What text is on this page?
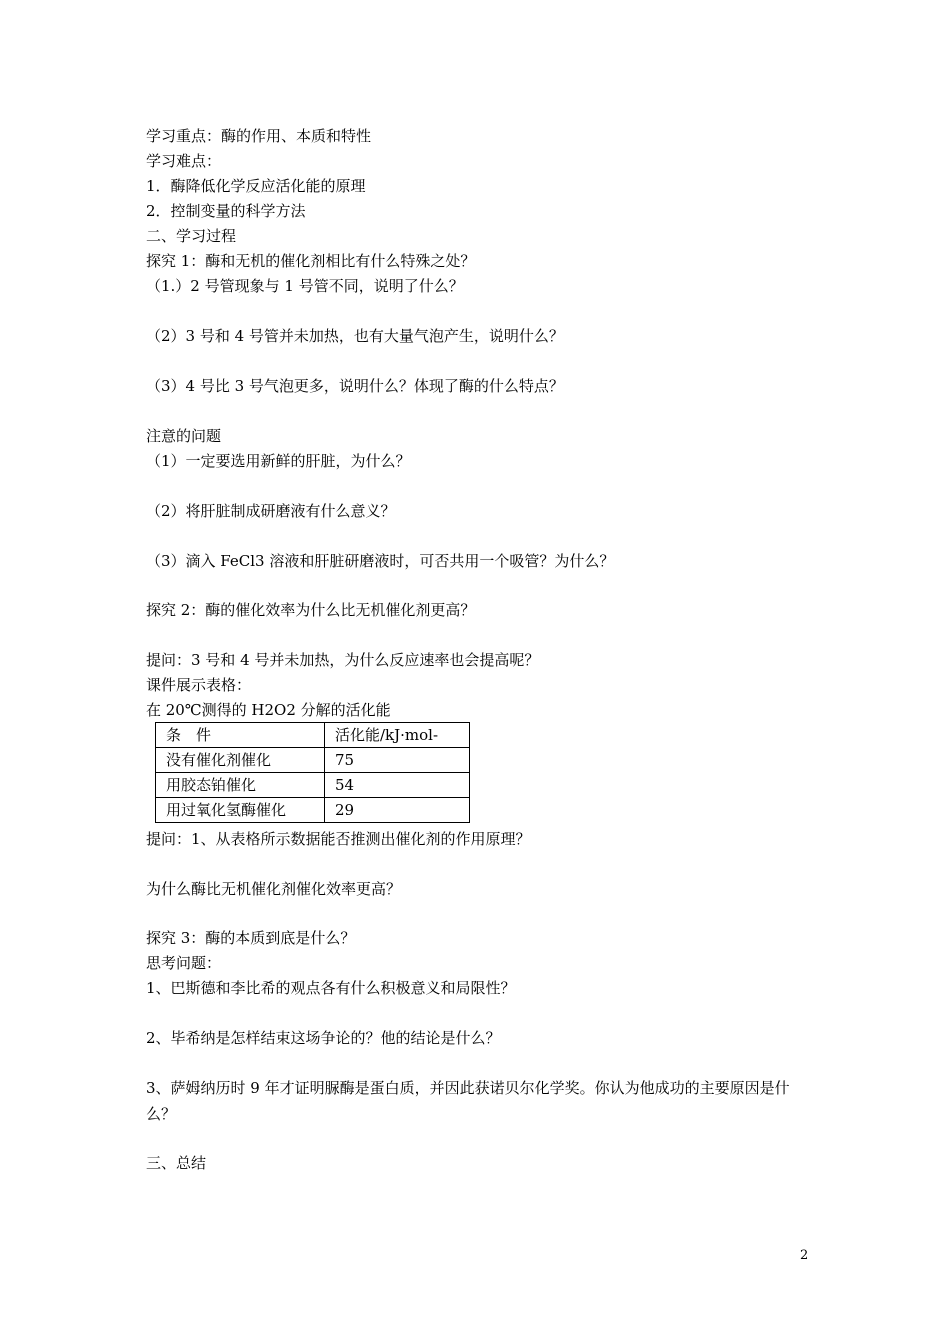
学习重点：酶的作用、本质和特性
学习难点：
1．酶降低化学反应活化能的原理
2．控制变量的科学方法
二、学习过程
探究 1：酶和无机的催化剂相比有什么特殊之处？
（1.）2 号管现象与 1 号管不同，说明了什么？
（2）3 号和 4 号管并未加热，也有大量气泡产生，说明什么？
（3）4 号比 3 号气泡更多，说明什么？体现了酶的什么特点？
注意的问题
（1）一定要选用新鲜的肝脏，为什么？
（2）将肝脏制成研磨液有什么意义？
（3）滴入 FeCl3 溶液和肝脏研磨液时，可否共用一个吸管？为什么？
探究 2：酶的催化效率为什么比无机催化剂更高？
提问：3 号和 4 号并未加热，为什么反应速率也会提高呢？
课件展示表格：
在 20℃测得的 H2O2 分解的活化能
条　件	活化能/kJ·mol-
没有催化剂催化	75
用胶态铂催化	54
用过氧化氢酶催化	29
提问：1、从表格所示数据能否推测出催化剂的作用原理？
为什么酶比无机催化剂催化效率更高？
探究 3：酶的本质到底是什么？
思考问题：
1、巴斯德和李比希的观点各有什么积极意义和局限性？
2、毕希纳是怎样结束这场争论的？他的结论是什么？
3、萨姆纳历时 9 年才证明脲酶是蛋白质，并因此获诺贝尔化学奖。你认为他成功的主要原因是什么？
三、总结
2
